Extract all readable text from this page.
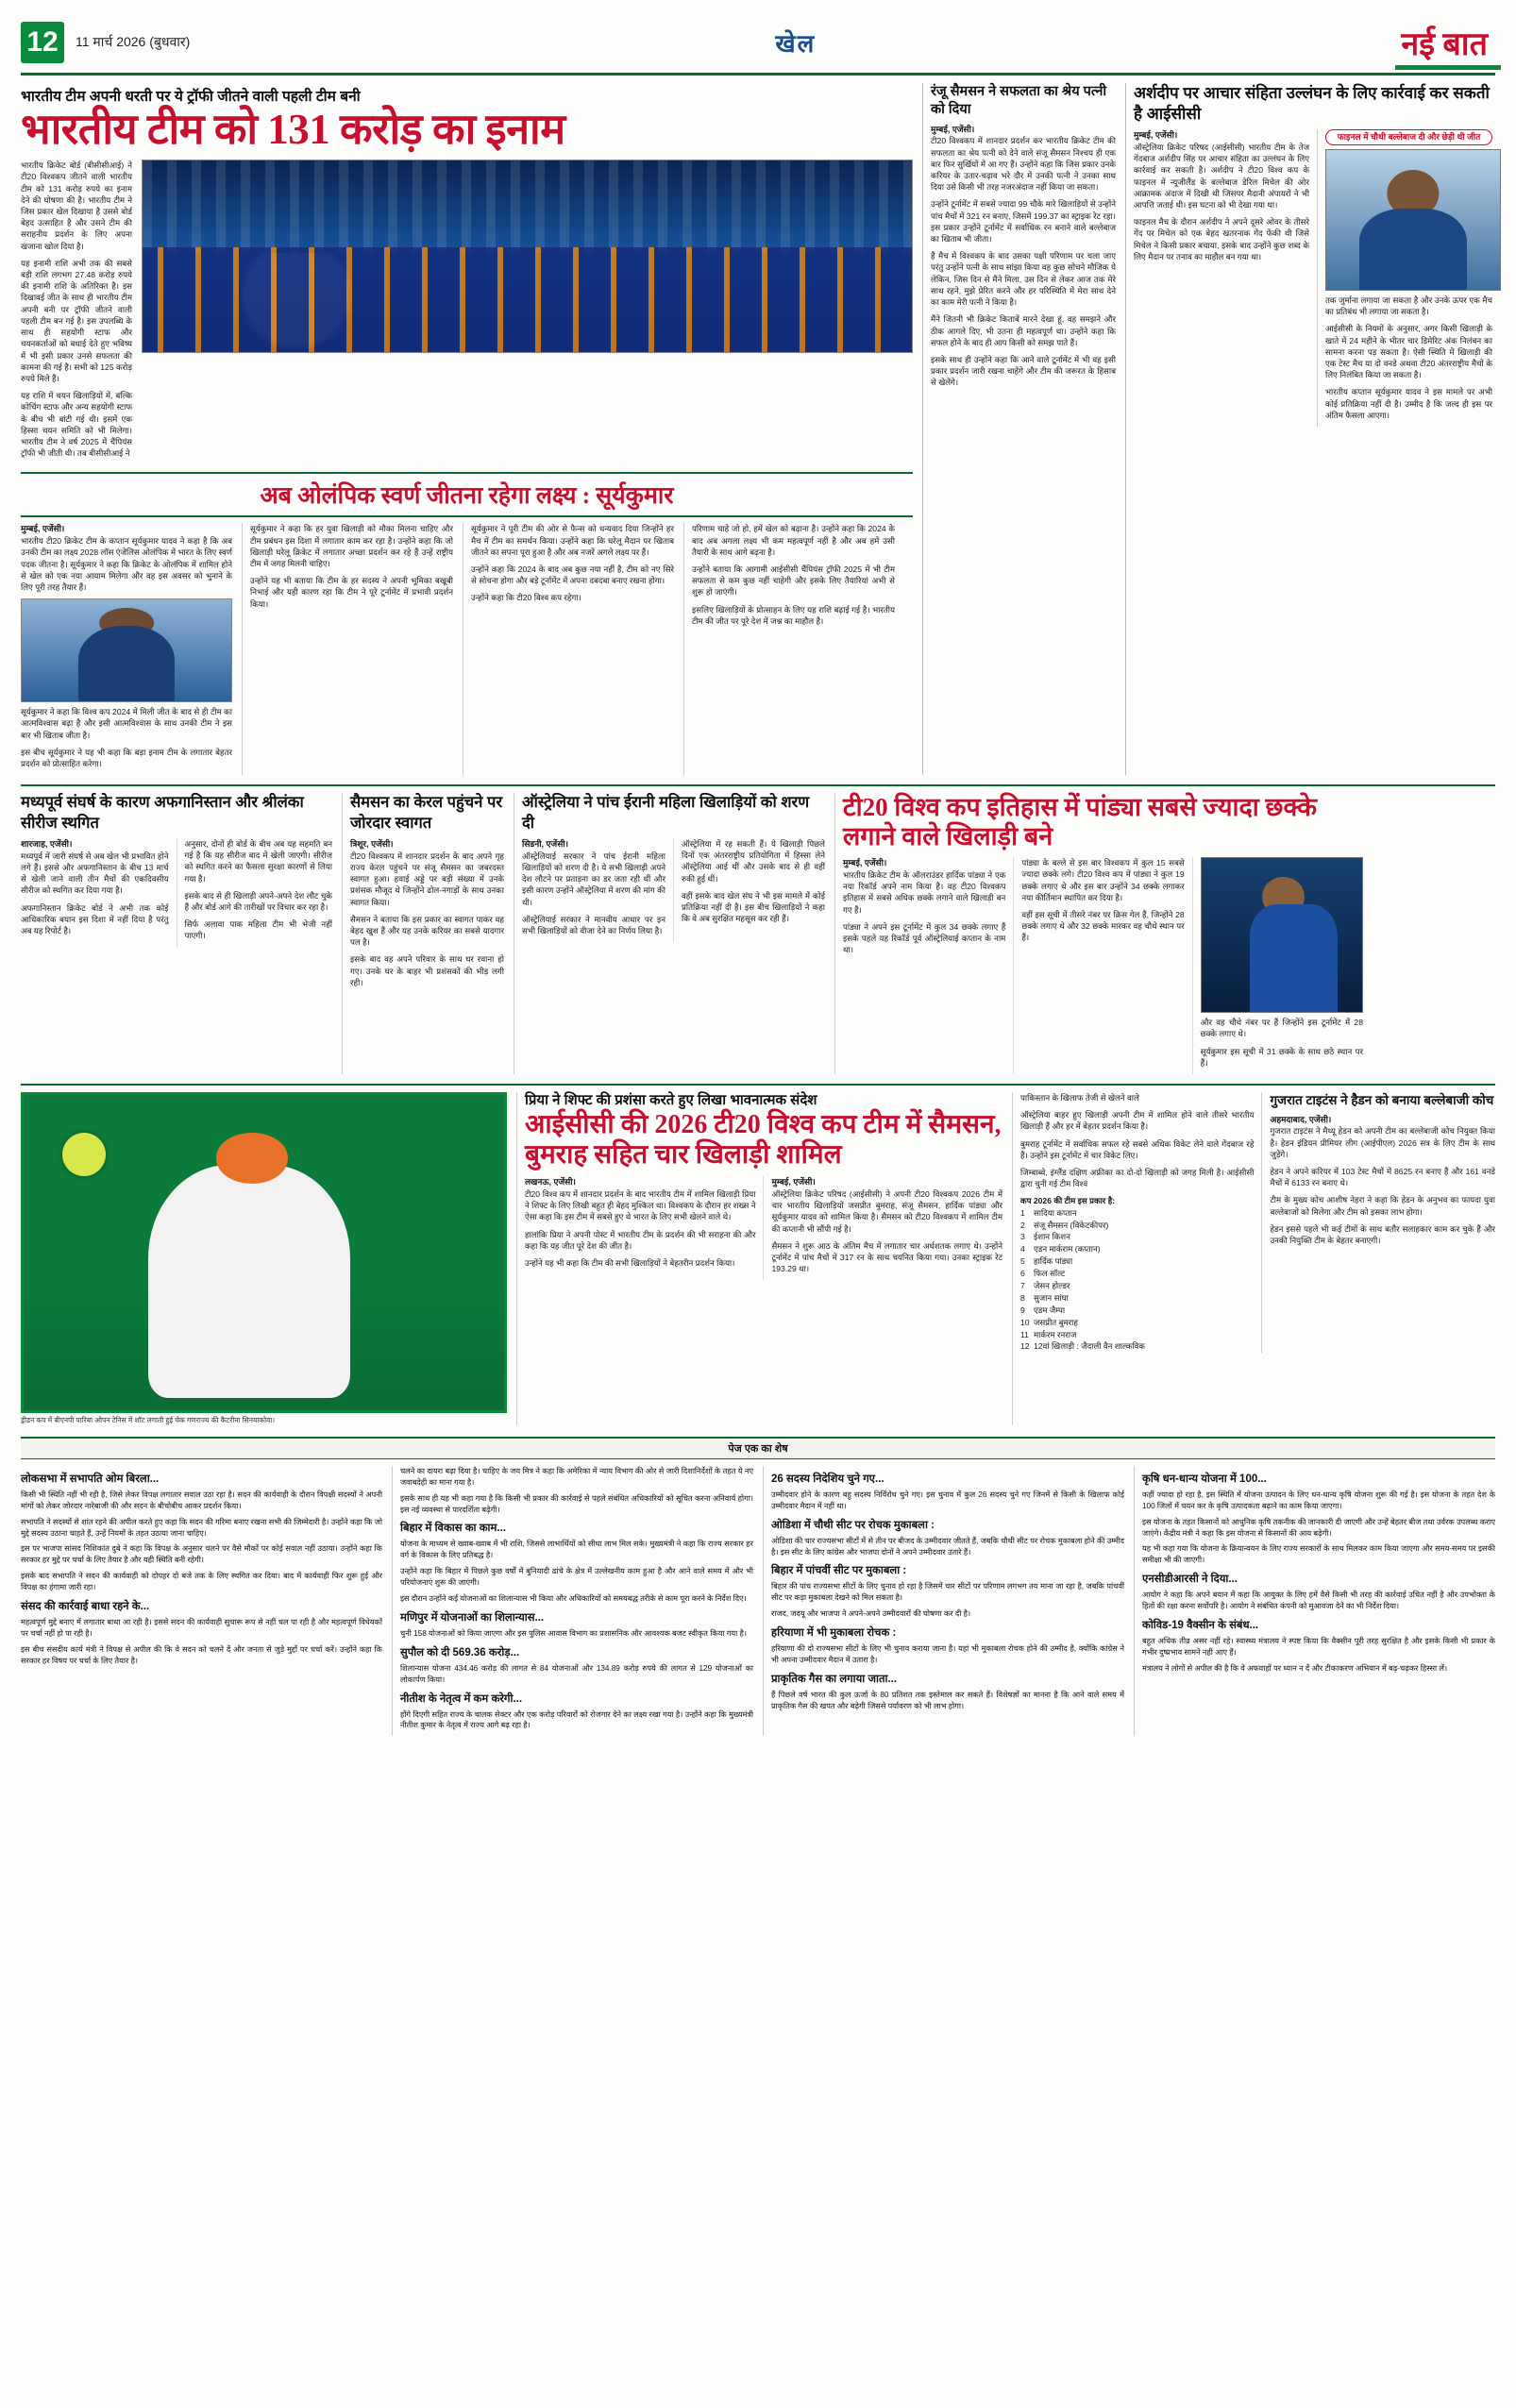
12	11 मार्च 2026 (बुधवार)	खेल	नई बात
भारतीय टीम अपनी धरती पर ये ट्रॉफी जीतने वाली पहली टीम बनी
भारतीय टीम को 131 करोड़ का इनाम

भारतीय क्रिकेट बोर्ड (बीसीसीआई) ने टी20 विश्वकप जीतने वाली भारतीय टीम को 131 करोड़ रुपये का इनाम देने की घोषणा की है। भारतीय टीम ने जिस प्रकार खेल दिखाया है उससे बोर्ड बेहद उत्साहित है और उसने टीम की सराहनीय प्रदर्शन के लिए अपना खजाना खोल दिया है।

यह इनामी राशि अभी तक की सबसे बड़ी राशि लगभग 27.48 करोड़ रुपये की इनामी राशि के अतिरिक्त है। इस दिखावई जीत के साथ ही भारतीय टीम अपनी बनी पर ट्रॉफी जीतने वाली पहली टीम बन गई है। इस उपलब्धि के साथ ही सहयोगी स्टाफ और चयनकर्ताओं को बधाई देते हुए भविष्य में भी इसी प्रकार उनसे सफलता की कामना की गई है। सभी को 125 करोड़ रुपये मिले हैं।

यह राशि में चयन खिलाड़ियों में, बल्कि कोचिंग स्टाफ और अन्य सहयोगी स्टाफ के बीच भी बांटी गई थी। इसमें एक हिस्सा चयन समिति को भी मिलेगा। भारतीय टीम ने वर्ष 2025 में चैंपियंस ट्रॉफी भी जीती थी। तब बीसीसीआई ने

अब ओलंपिक स्वर्ण जीतना रहेगा लक्ष्य : सूर्यकुमार
मुम्बई, एजेंसी।

भारतीय टी20 क्रिकेट टीम के कप्तान सूर्यकुमार यादव ने कहा है कि अब उनकी टीम का लक्ष्य 2028 लॉस एंजेलिस ओलंपिक में भारत के लिए स्वर्ण पदक जीतना है। सूर्यकुमार ने कहा कि क्रिकेट के ओलंपिक में शामिल होने से खेल को एक नया आयाम मिलेगा और वह इस अवसर को भुनाने के लिए पूरी तरह तैयार हैं।

सूर्यकुमार ने कहा कि विश्व कप 2024 में मिली जीत के बाद से ही टीम का आत्मविश्वास बढ़ा है और इसी आत्मविश्वास के साथ उनकी टीम ने इस बार भी खिताब जीता है।

इस बीच सूर्यकुमार ने यह भी कहा कि बड़ा इनाम टीम के लगातार बेहतर प्रदर्शन को प्रोत्साहित करेगा।

सूर्यकुमार ने कहा कि हर युवा खिलाड़ी को मौका मिलना चाहिए और टीम प्रबंधन इस दिशा में लगातार काम कर रहा है। उन्होंने कहा कि जो खिलाड़ी घरेलू क्रिकेट में लगातार अच्छा प्रदर्शन कर रहे हैं उन्हें राष्ट्रीय टीम में जगह मिलनी चाहिए।

उन्होंने यह भी बताया कि टीम के हर सदस्य ने अपनी भूमिका बखूबी निभाई और यही कारण रहा कि टीम ने पूरे टूर्नामेंट में प्रभावी प्रदर्शन किया।

सूर्यकुमार ने पूरी टीम की ओर से फैन्स को धन्यवाद दिया जिन्होंने हर मैच में टीम का समर्थन किया। उन्होंने कहा कि घरेलू मैदान पर खिताब जीतने का सपना पूरा हुआ है और अब नजरें अगले लक्ष्य पर हैं।

उन्होंने कहा कि 2024 के बाद अब कुछ नया नहीं है, टीम को नए सिरे से सोचना होगा और बड़े टूर्नामेंट में अपना दबदबा बनाए रखना होगा।

उन्होंने कहा कि टी20 विश्व कप रहेगा।

परिणाम चाहे जो हो, हमें खेल को बढ़ाना है। उन्होंने कहा कि 2024 के बाद अब अगला लक्ष्य भी कम महत्वपूर्ण नहीं है और अब हमें उसी तैयारी के साथ आगे बढ़ना है।

उन्होंने बताया कि आगामी आईसीसी चैंपियंस ट्रॉफी 2025 में भी टीम सफलता से कम कुछ नहीं चाहेगी और इसके लिए तैयारियां अभी से शुरू हो जाएंगी।

इसलिए खिलाड़ियों के प्रोत्साहन के लिए यह राशि बढ़ाई गई है। भारतीय टीम की जीत पर पूरे देश में जश्न का माहौल है।

रंजू सैमसन ने सफलता का श्रेय पत्नी को दिया
मुम्बई, एजेंसी।

टी20 विश्वकप में शानदार प्रदर्शन कर भारतीय क्रिकेट टीम की सफलता का श्रेय पत्नी को देने वाले संजू सैमसन निश्चय ही एक बार फिर सुर्खियों में आ गए हैं। उन्होंने कहा कि जिस प्रकार उनके करियर के उतार-चढ़ाव भरे दौर में उनकी पत्नी ने उनका साथ दिया उसे किसी भी तरह नजरअंदाज नहीं किया जा सकता।

उन्होंने टूर्नामेंट में सबसे ज्यादा 99 चौके मारे खिलाड़ियों से उन्होंने पांच मैचों में 321 रन बनाए, जिसमें 199.37 का स्ट्राइक रेट रहा। इस प्रकार उन्होंने टूर्नामेंट में सर्वाधिक रन बनाने वाले बल्लेबाज का खिताब भी जीता।

हैं मैच में विश्वकप के बाद उसका पक्षी परिणाम पर चला जाए परंतु उन्होंने पत्नी के साथ सांझा किया वह कुछ सोचने मौजिक ये लेकिन, जिस दिन से मैंने मिला, उस दिन से लेकर आज तक मेरे साथ रहने, मुझे प्रेरित करने और हर परिस्थिति में मेरा साथ देने का काम मेरी पत्नी ने किया है।

मैंने जितनी भी क्रिकेट किताबें मारने देखा हूं, वह समझने और ठीक आगले दिए, भी उतना ही महत्वपूर्ण था। उन्होंने कहा कि सफल होने के बाद ही आप किसी को समझ पाते हैं।

इसके साथ ही उन्होंने कहा कि आने वाले टूर्नामेंट में भी वह इसी प्रकार प्रदर्शन जारी रखना चाहेंगे और टीम की जरूरत के हिसाब से खेलेंगे।

अर्शदीप पर आचार संहिता उल्लंघन के लिए कार्रवाई कर सकती है आईसीसी
मुम्बई, एजेंसी।

ऑस्ट्रेलिया क्रिकेट परिषद (आईसीसी) भारतीय टीम के तेज गेंदबाज अर्शदीप सिंह पर आचार संहिता का उल्लंघन के लिए कार्रवाई कर सकती है। अर्शदीप ने टी20 विश्व कप के फाइनल में न्यूजीलैंड के बल्लेबाज डेरिल मिचेल की ओर आक्रामक अंदाज में दिखी थी जिसपर मैदानी अंपायरों ने भी आपत्ति जताई थी। इस घटना को भी देखा गया था।

फाइनल मैच के दौरान अर्शदीप ने अपने दूसरे ओवर के तीसरे गेंद पर मिचेल को एक बेहद खतरनाक गेंद फेंकी थी जिसे मिचेल ने किसी प्रकार बचाया, इसके बाद उन्होंने कुछ शब्द के लिए मैदान पर तनाव का माहौल बन गया था।

फाइनल में चौथी बल्लेबाज दी और छेड़ी थी जीत

तक जुर्माना लगाया जा सकता है और उनके ऊपर एक मैच का प्रतिबंध भी लगाया जा सकता है।

आईसीसी के नियमों के अनुसार, अगर किसी खिलाड़ी के खाते में 24 महीने के भीतर चार डिमेरिट अंक निलंबन का सामना करना पड़ सकता है। ऐसी स्थिति में खिलाड़ी की एक टेस्ट मैच या दो वनडे अथवा टी20 अंतरराष्ट्रीय मैचों के लिए निलंबित किया जा सकता है।

भारतीय कप्तान सूर्यकुमार यादव ने इस मामले पर अभी कोई प्रतिक्रिया नहीं दी है। उम्मीद है कि जल्द ही इस पर अंतिम फैसला आएगा।

मध्यपूर्व संघर्ष के कारण अफगानिस्तान और श्रीलंका सीरीज स्थगित
शारजाह, एजेंसी।

मध्यपूर्व में जारी संघर्ष से अब खेल भी प्रभावित होने लगे हैं। इससे और अफगानिस्तान के बीच 13 मार्च से खेली जाने वाली तीन मैचों की एकदिवसीय सीरीज को स्थगित कर दिया गया है।

अफगानिस्तान क्रिकेट बोर्ड ने अभी तक कोई आधिकारिक बयान इस दिशा में नहीं दिया है परंतु अब यह रिपोर्ट है।

अनुसार, दोनों ही बोर्ड के बीच अब यह सहमति बन गई है कि यह सीरीज बाद में खेली जाएगी। सीरीज को स्थगित करने का फैसला सुरक्षा कारणों से लिया गया है।

इसके बाद से ही खिलाड़ी अपने-अपने देश लौट चुके हैं और बोर्ड आगे की तारीखों पर विचार कर रहा है।

सिर्फ अलावा पाक महिला टीम भी भेजी नहीं पाएगी।

सैमसन का केरल पहुंचने पर जोरदार स्वागत
त्रिशूर, एजेंसी।

टी20 विश्वकप में शानदार प्रदर्शन के बाद अपने गृह राज्य केरल पहुंचने पर संजू सैमसन का जबरदस्त स्वागत हुआ। हवाई अड्डे पर बड़ी संख्या में उनके प्रशंसक मौजूद थे जिन्होंने ढोल-नगाड़ों के साथ उनका स्वागत किया।

सैमसन ने बताया कि इस प्रकार का स्वागत पाकर वह बेहद खुश हैं और यह उनके करियर का सबसे यादगार पल है।

इसके बाद वह अपने परिवार के साथ घर रवाना हो गए। उनके घर के बाहर भी प्रशंसकों की भीड़ लगी रही।

ऑस्ट्रेलिया ने पांच ईरानी महिला खिलाड़ियों को शरण दी
सिडनी, एजेंसी।

ऑस्ट्रेलियाई सरकार ने पांच ईरानी महिला खिलाड़ियों को शरण दी है। ये सभी खिलाड़ी अपने देश लौटने पर प्रताड़ना का डर जता रही थीं और इसी कारण उन्होंने ऑस्ट्रेलिया में शरण की मांग की थी।

ऑस्ट्रेलियाई सरकार ने मानवीय आधार पर इन सभी खिलाड़ियों को वीजा देने का निर्णय लिया है।

ऑस्ट्रेलिया में रह सकती हैं। ये खिलाड़ी पिछले दिनों एक अंतरराष्ट्रीय प्रतियोगिता में हिस्सा लेने ऑस्ट्रेलिया आई थीं और उसके बाद से ही वहीं रुकी हुई थीं।

वहीं इसके बाद खेल संघ ने भी इस मामले में कोई प्रतिक्रिया नहीं दी है। इस बीच खिलाड़ियों ने कहा कि वे अब सुरक्षित महसूस कर रही हैं।

टी20 विश्व कप इतिहास में पांड्या सबसे ज्यादा छक्के लगाने वाले खिलाड़ी बने
मुम्बई, एजेंसी।

भारतीय क्रिकेट टीम के ऑलराउंडर हार्दिक पांड्या ने एक नया रिकॉर्ड अपने नाम किया है। वह टी20 विश्वकप इतिहास में सबसे अधिक छक्के लगाने वाले खिलाड़ी बन गए हैं।

पांड्या ने अपने इस टूर्नामेंट में कुल 34 छक्के लगाए हैं इसके पहले यह रिकॉर्ड पूर्व ऑस्ट्रेलियाई कप्तान के नाम था।

पांड्या के बल्ले से इस बार विश्वकप में कुल 15 सबसे ज्यादा छक्के लगे। टी20 विश्व कप में पांड्या ने कुल 19 छक्के लगाए थे और इस बार उन्होंने 34 छक्के लगाकर नया कीर्तिमान स्थापित कर दिया है।

वहीं इस सूची में तीसरे नंबर पर क्रिस गेल हैं, जिन्होंने 28 छक्के लगाए थे और 32 छक्के मारकर वह चौथे स्थान पर हैं।

और वह चौथे नंबर पर हैं जिन्होंने इस टूर्नामेंट में 28 छक्के लगाए थे।

सूर्यकुमार इस सूची में 31 छक्के के साथ छठे स्थान पर हैं।

ड्रीडन कप में बीएनपी पारिबा ओपन टेनिस में शॉट लगाती हुई चेक गणराज्य की कैटरीना सिनयाकोवा।
प्रिया ने शिफ्ट की प्रशंसा करते हुए लिखा भावनात्मक संदेश
आईसीसी की 2026 टी20 विश्व कप टीम में सैमसन, बुमराह सहित चार खिलाड़ी शामिल
लखनऊ, एजेंसी।

टी20 विश्व कप में शानदार प्रदर्शन के बाद भारतीय टीम में शामिल खिलाड़ी प्रिया ने शिफ्ट के लिए लिखी बहुत ही बेहद मुश्किल था। विश्वकप के दौरान हर शख्स ने ऐसा कहा कि इस टीम में सबसे हुए थे भारत के लिए सभी खेलने वाले थे।

हालांकि प्रिया ने अपनी पोस्ट में भारतीय टीम के प्रदर्शन की भी सराहना की और कहा कि यह जीत पूरे देश की जीत है।

उन्होंने यह भी कहा कि टीम की सभी खिलाड़ियों ने बेहतरीन प्रदर्शन किया।

मुम्बई, एजेंसी।

ऑस्ट्रेलिया क्रिकेट परिषद (आईसीसी) ने अपनी टी20 विश्वकप 2026 टीम में चार भारतीय खिलाड़ियों जसप्रीत बुमराह, संजू सैमसन, हार्दिक पांड्या और सूर्यकुमार यादव को शामिल किया है। सैमसन को टी20 विश्वकप में शामिल टीम की कप्तानी भी सौंपी गई है।

सैमसन ने शुरू आठ के अंतिम मैच में लगातार चार अर्धशतक लगाए थे। उन्होंने टूर्नामेंट में पांच मैचों में 317 रन के साथ चयनित किया गया। उनका स्ट्राइक रेट 193.29 था।

पाकिस्तान के खिलाफ तेजी से खेलने वाले

ऑस्ट्रेलिया बाहर हुए खिलाड़ी अपनी टीम में शामिल होने वाले तीसरे भारतीय खिलाड़ी हैं और हर में बेहतर प्रदर्शन किया है।

बुमराह टूर्नामेंट में सर्वाधिक सफल रहे सबसे अधिक विकेट लेने वाले गेंदबाज रहे हैं। उन्होंने इस टूर्नामेंट में चार विकेट लिए।

जिम्बाब्वे, इंग्लैंड दक्षिण अफ्रीका का दो-दो खिलाड़ी को जगह मिली है। आईसीसी द्वारा चुनी गई टीम विश्व

कप 2026 की टीम इस प्रकार है:
1	सादिया कप्तान
2	संजू सैमसन (विकेटकीपर)
3	ईशान किशन
4	एडन मार्कराम (कप्तान)
5	हार्दिक पांड्या
6	फिल सॉल्ट
7	जेसन होल्डर
8	सुजान सांघा
9	एडम जैम्पा
10 जसप्रीत बुमराह
11 मार्करम रनराज
12 12वां खिलाड़ी : जैदाली वैन शाल्कविक
गुजरात टाइटंस ने हैडन को बनाया बल्लेबाजी कोच
अहमदाबाद, एजेंसी।

गुजरात टाइटंस ने मैथ्यू हेडन को अपनी टीम का बल्लेबाजी कोच नियुक्त किया है। हेडन इंडियन प्रीमियर लीग (आईपीएल) 2026 सत्र के लिए टीम के साथ जुड़ेंगे।

हेडन ने अपने करियर में 103 टेस्ट मैचों में 8625 रन बनाए हैं और 161 वनडे मैचों में 6133 रन बनाए थे।

टीम के मुख्य कोच आशीष नेहरा ने कहा कि हेडन के अनुभव का फायदा युवा बल्लेबाजों को मिलेगा और टीम को इसका लाभ होगा।

हेडन इससे पहले भी कई टीमों के साथ बतौर सलाहकार काम कर चुके हैं और उनकी नियुक्ति टीम के बेहतर बनाएगी।

पेज एक का शेष
लोकसभा में सभापति ओम बिरला...

किसी भी स्थिति नहीं भी रही है, जिसे लेकर विपक्ष लगातार सवाल उठा रहा है। सदन की कार्यवाही के दौरान विपक्षी सदस्यों ने अपनी मांगों को लेकर जोरदार नारेबाजी की और सदन के बीचोबीच आकर प्रदर्शन किया।

सभापति ने सदस्यों से शांत रहने की अपील करते हुए कहा कि सदन की गरिमा बनाए रखना सभी की जिम्मेदारी है। उन्होंने कहा कि जो मुद्दे सदस्य उठाना चाहते हैं, उन्हें नियमों के तहत उठाया जाना चाहिए।

इस पर भाजपा सांसद निशिकांत दुबे ने कहा कि विपक्ष के अनुसार चलने पर वैसे मौकों पर कोई सवाल नहीं उठाया। उन्होंने कहा कि सरकार हर मुद्दे पर चर्चा के लिए तैयार है और यही स्थिति बनी रहेगी।

इसके बाद सभापति ने सदन की कार्यवाही को दोपहर दो बजे तक के लिए स्थगित कर दिया। बाद में कार्यवाही फिर शुरू हुई और विपक्ष का हंगामा जारी रहा।

संसद की कार्रवाई बाधा रहने के...

महत्वपूर्ण मुद्दे बनाए में लगातार बाधा आ रही है। इससे सदन की कार्यवाही सुचारू रूप से नहीं चल पा रही है और महत्वपूर्ण विधेयकों पर चर्चा नहीं हो पा रही है।

इस बीच संसदीय कार्य मंत्री ने विपक्ष से अपील की कि वे सदन को चलने दें और जनता से जुड़े मुद्दों पर चर्चा करें। उन्होंने कहा कि सरकार हर विषय पर चर्चा के लिए तैयार है।

चलने का दायरा बढ़ा दिया है। चाहिए के जय मित्र ने कहा कि अमेरिका में न्याय विभाग की ओर से जारी दिशानिर्देशों के तहत ये नए जवाबदेही का माना गया है।

इसके साथ ही यह भी कहा गया है कि किसी भी प्रकार की कार्रवाई से पहले संबंधित अधिकारियों को सूचित करना अनिवार्य होगा। इस नई व्यवस्था से पारदर्शिता बढ़ेगी।

बिहार में विकास का काम...

योजना के माध्यम से ख्वाब-ख्वाब में भी राशि, जिससे लाभार्थियों को सीधा लाभ मिल सके। मुख्यमंत्री ने कहा कि राज्य सरकार हर वर्ग के विकास के लिए प्रतिबद्ध है।

उन्होंने कहा कि बिहार में पिछले कुछ वर्षों में बुनियादी ढांचे के क्षेत्र में उल्लेखनीय काम हुआ है और आने वाले समय में और भी परियोजनाएं शुरू की जाएंगी।

इस दौरान उन्होंने कई योजनाओं का शिलान्यास भी किया और अधिकारियों को समयबद्ध तरीके से काम पूरा करने के निर्देश दिए।

मणिपुर में योजनाओं का शिलान्यास...

चुनी 158 योजनाओं को किया जाएगा और इस पुलिस आवास विभाग का प्रशासनिक और आवश्यक बजट स्वीकृत किया गया है।

सुपौल को दी 569.36 करोड़...

शिलान्यास योजना 434.46 करोड़ की लागत से 84 योजनाओं और 134.89 करोड़ रुपये की लागत से 129 योजनाओं का लोकार्पण किया।

नीतीश के नेतृत्व में कम करेगी...

होंगे दिएगी सहित राज्य के चालक सेक्टर और एक करोड़ परिवारों को रोजगार देने का लक्ष्य रखा गया है। उन्होंने कहा कि मुख्यमंत्री नीतीश कुमार के नेतृत्व में राज्य आगे बढ़ रहा है।

26 सदस्य निदेशिय चुने गए...

उम्मीदवार होने के कारण बहु सदस्य निर्विरोध चुने गए। इस चुनाव में कुल 26 सदस्य चुने गए जिनमें से किसी के खिलाफ कोई उम्मीदवार मैदान में नहीं था।

ओडिशा में चौथी सीट पर रोचक मुकाबला :

ओडिशा की चार राज्यसभा सीटों में से तीन पर बीजद के उम्मीदवार जीतते हैं, जबकि चौथी सीट पर रोचक मुकाबला होने की उम्मीद है। इस सीट के लिए कांग्रेस और भाजपा दोनों ने अपने उम्मीदवार उतारे हैं।

बिहार में पांचवीं सीट पर मुकाबला :

बिहार की पांच राज्यसभा सीटों के लिए चुनाव हो रहा है जिसमें चार सीटों पर परिणाम लगभग तय माना जा रहा है, जबकि पांचवीं सीट पर कड़ा मुकाबला देखने को मिल सकता है।

राजद, जदयू और भाजपा ने अपने-अपने उम्मीदवारों की घोषणा कर दी है।

हरियाणा में भी मुकाबला रोचक :

हरियाणा की दो राज्यसभा सीटों के लिए भी चुनाव कराया जाना है। यहां भी मुकाबला रोचक होने की उम्मीद है, क्योंकि कांग्रेस ने भी अपना उम्मीदवार मैदान में उतारा है।

प्राकृतिक गैस का लगाया जाता...

हैं पिछले वर्ष भारत की कुल ऊर्जा के 80 प्रतिशत तक इस्तेमाल कर सकते हैं। विशेषज्ञों का मानना है कि आने वाले समय में प्राकृतिक गैस की खपत और बढ़ेगी जिससे पर्यावरण को भी लाभ होगा।

कृषि धन-धान्य योजना में 100...

कहीं ज्यादा हो रहा है, इस स्थिति में योजना उत्पादन के लिए धन-धान्य कृषि योजना शुरू की गई है। इस योजना के तहत देश के 100 जिलों में चयन कर के कृषि उत्पादकता बढ़ाने का काम किया जाएगा।

इस योजना के तहत किसानों को आधुनिक कृषि तकनीक की जानकारी दी जाएगी और उन्हें बेहतर बीज तथा उर्वरक उपलब्ध कराए जाएंगे। केंद्रीय मंत्री ने कहा कि इस योजना से किसानों की आय बढ़ेगी।

यह भी कहा गया कि योजना के क्रियान्वयन के लिए राज्य सरकारों के साथ मिलकर काम किया जाएगा और समय-समय पर इसकी समीक्षा भी की जाएगी।

एनसीडीआरसी ने दिया...

आयोग ने कहा कि अपने बयान में कहा कि आयुक्त के लिए हमें वैसे किसी भी तरह की कार्रवाई उचित नहीं है और उपभोक्ता के हितों की रक्षा करना सर्वोपरि है। आयोग ने संबंधित कंपनी को मुआवजा देने का भी निर्देश दिया।

कोविड-19 वैक्सीन के संबंध...

बहुत अधिक तीव्र असर नहीं रहे। स्वास्थ्य मंत्रालय ने स्पष्ट किया कि वैक्सीन पूरी तरह सुरक्षित है और इसके किसी भी प्रकार के गंभीर दुष्प्रभाव सामने नहीं आए हैं।

मंत्रालय ने लोगों से अपील की है कि वे अफवाहों पर ध्यान न दें और टीकाकरण अभियान में बढ़-चढ़कर हिस्सा लें।
